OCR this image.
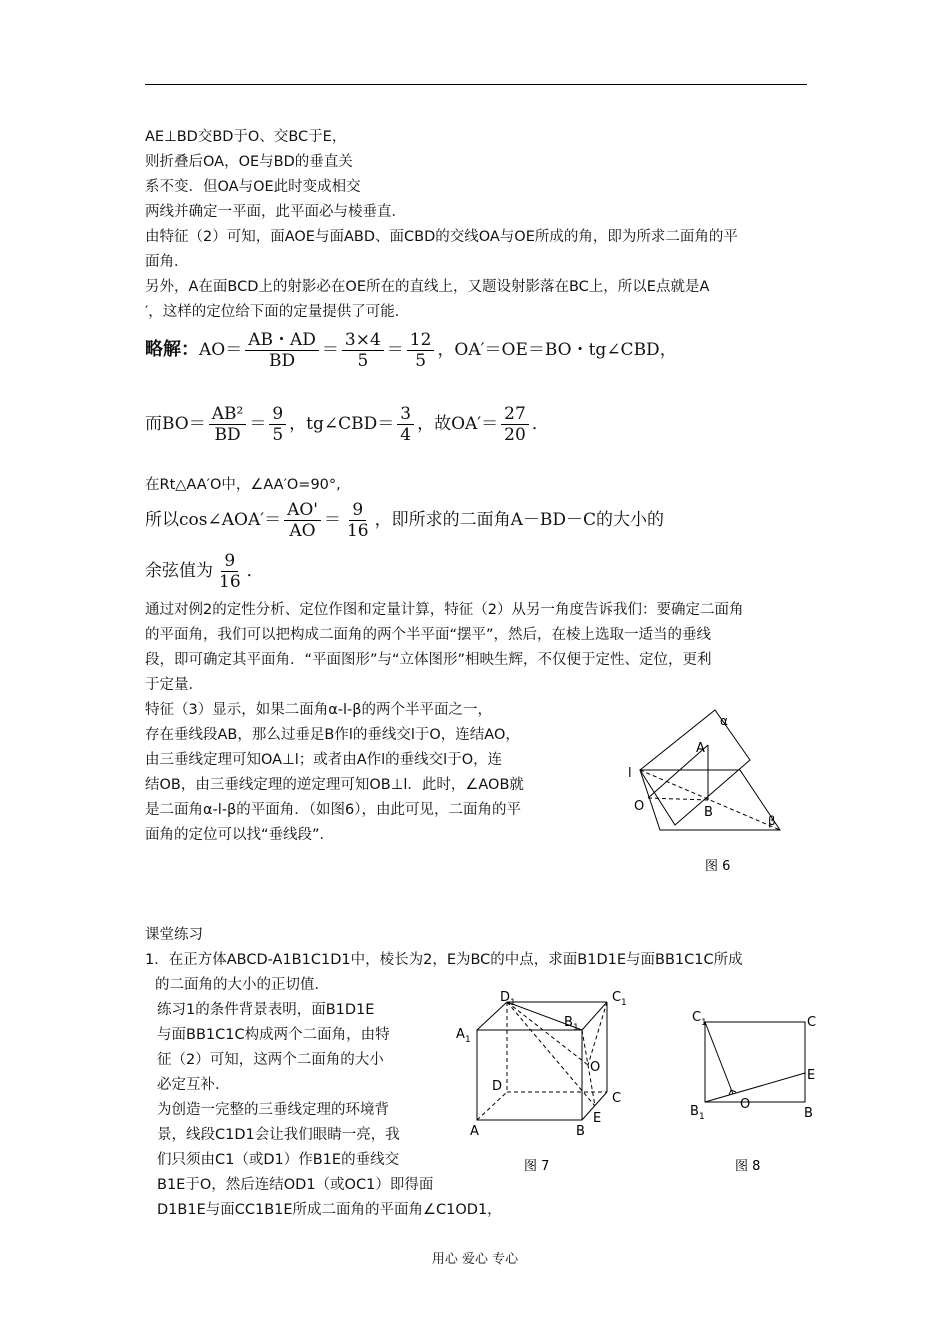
AE⊥BD交BD于O、交BC于E，
则折叠后OA，OE与BD的垂直关
系不变．但OA与OE此时变成相交
两线并确定一平面，此平面必与棱垂直．
由特征（2）可知，面AOE与面ABD、面CBD的交线OA与OE所成的角，即为所求二面角的平
面角．
另外，A在面BCD上的射影必在OE所在的直线上，又题设射影落在BC上，所以E点就是A
′，这样的定位给下面的定量提供了可能．
略解：$AO= \frac{AB・AD}{BD} = \frac{3\times 4}{5} = \frac{12}{5}$ ，OA′＝OE＝BO・tg∠CBD，
而$BO= \frac{\text{AB²}}{BD} = \frac{9}{5}$ ，tg∠CBD＝ $\frac{3}{4}$ ，故$OA'= \frac{27}{20}$ ．
在Rt△AA′O中，∠AA′O=90°,
所以cos∠AOA′＝ $\frac{AO'}{AO} = \frac{9}{16}$ ，即所求的二面角A－BD－C的大小的
余弦值为 $\frac{9}{16}$ ．
通过对例2的定性分析、定位作图和定量计算，特征（2）从另一角度告诉我们：要确定二面角
的平面角，我们可以把构成二面角的两个半平面“摆平”，然后，在棱上选取一适当的垂线
段，即可确定其平面角．“平面图形”与“立体图形”相映生辉，不仅便于定性、定位，更利
于定量．
特征（3）显示，如果二面角α-l-β的两个半平面之一，
存在垂线段AB，那么过垂足B作l的垂线交l于O，连结AO，
由三垂线定理可知OA⊥l；或者由A作l的垂线交l于O，连
结OB，由三垂线定理的逆定理可知OB⊥l．此时，∠AOB就
是二面角α-l-β的平面角．（如图6），由此可见，二面角的平
面角的定位可以找“垂线段”．
α
β
A
B
O
l
图 6
课堂练习
1．在正方体ABCD-A1B1C1D1中，棱长为2，E为BC的中点，求面B1D1E与面BB1C1C所成
的二面角的大小的正切值．
练习1的条件背景表明，面B1D1E
与面BB1C1C构成两个二面角，由特
征（2）可知，这两个二面角的大小
必定互补．
为创造一完整的三垂线定理的环境背
景，线段C1D1会让我们眼睛一亮，我
们只须由C1（或D1）作B1E的垂线交
B1E于O，然后连结OD1（或OC1）即得面
D1B1E与面CC1B1E所成二面角的平面角∠C1OD1，
D 1	C 1
A 1
B 1
D
C
A	B
E
O
图 7
C 1	C
E
O
B 1	B
图 8
用心 爱心 专心
